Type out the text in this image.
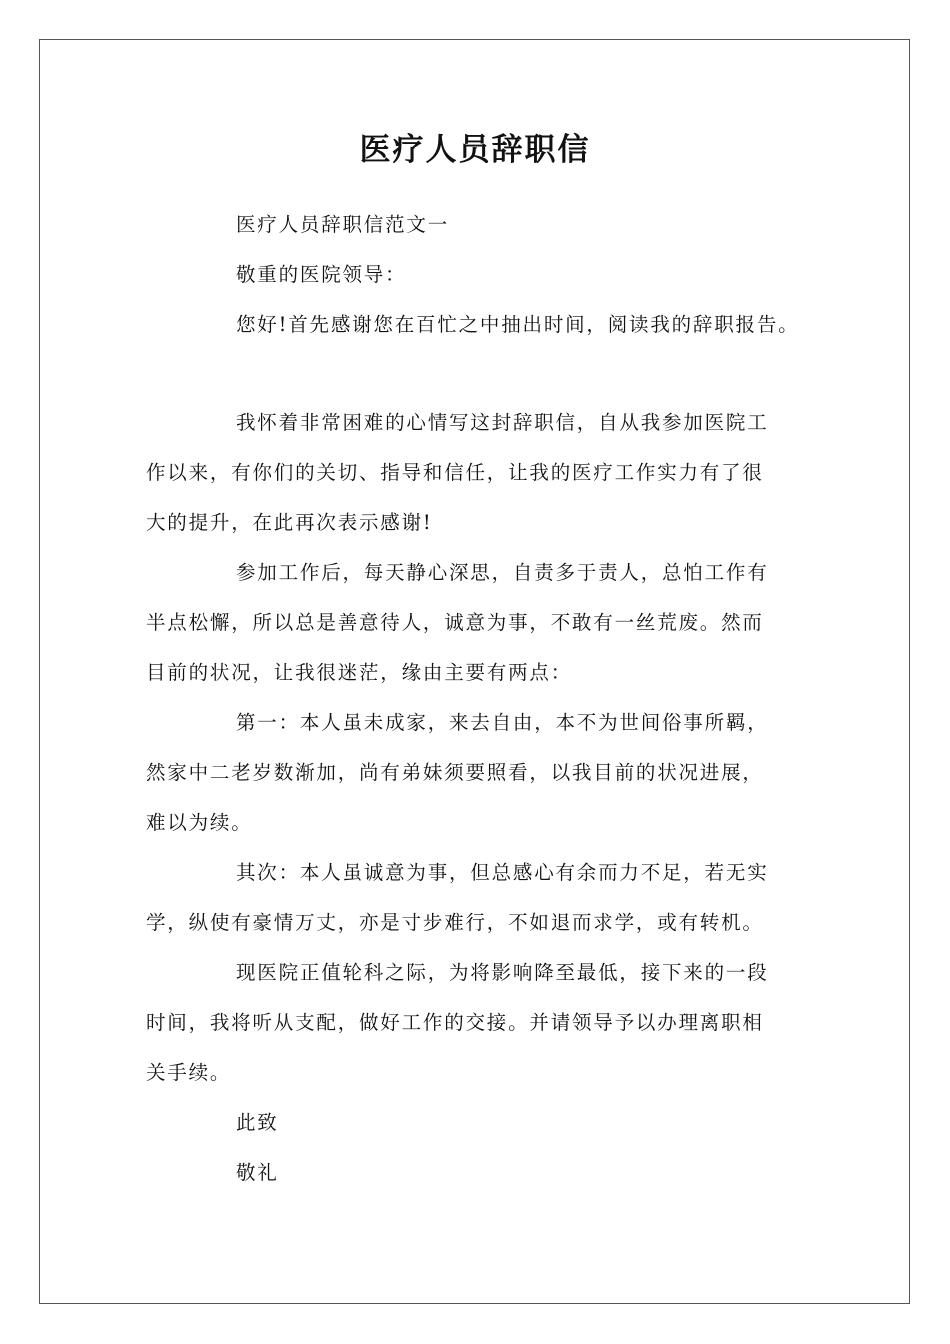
医疗人员辞职信
医疗人员辞职信范文一
敬重的医院领导：
您好!首先感谢您在百忙之中抽出时间，阅读我的辞职报告。
我怀着非常困难的心情写这封辞职信，自从我参加医院工
作以来，有你们的关切、指导和信任，让我的医疗工作实力有了很
大的提升，在此再次表示感谢!
参加工作后，每天静心深思，自责多于责人，总怕工作有
半点松懈，所以总是善意待人，诚意为事，不敢有一丝荒废。然而
目前的状况，让我很迷茫，缘由主要有两点：
第一：本人虽未成家，来去自由，本不为世间俗事所羁，
然家中二老岁数渐加，尚有弟妹须要照看，以我目前的状况进展，
难以为续。
其次：本人虽诚意为事，但总感心有余而力不足，若无实
学，纵使有豪情万丈，亦是寸步难行，不如退而求学，或有转机。
现医院正值轮科之际，为将影响降至最低，接下来的一段
时间，我将听从支配，做好工作的交接。并请领导予以办理离职相
关手续。
此致
敬礼
